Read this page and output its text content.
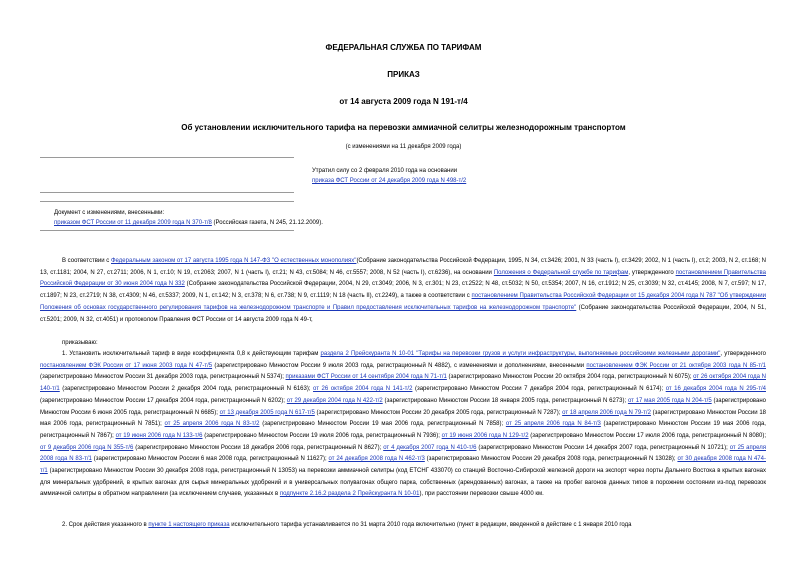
ФЕДЕРАЛЬНАЯ СЛУЖБА ПО ТАРИФАМ
ПРИКАЗ
от 14 августа 2009 года N 191-т/4
Об установлении исключительного тарифа на перевозки аммиачной селитры железнодорожным транспортом
(с изменениями на 11 декабря 2009 года)
Утратил силу со 2 февраля 2010 года на основании
приказа ФСТ России от 24 декабря 2009 года N 498-т/2
Документ с изменениями, внесенными:
приказом ФСТ России от 11 декабря 2009 года N 370-т/8 (Российская газета, N 245, 21.12.2009).
В соответствии с Федеральным законом от 17 августа 1995 года N 147-ФЗ "О естественных монополиях"(Собрание законодательства Российской Федерации, 1995, N 34, ст.3426; 2001, N 33 (часть I), ст.3429; 2002, N 1 (часть I), ст.2; 2003, N 2, ст.168; N 13, ст.1181; 2004, N 27, ст.2711; 2006, N 1, ст.10; N 19, ст.2063; 2007, N 1 (часть I), ст.21; N 43, ст.5084; N 46, ст.5557; 2008, N 52 (часть I), ст.6236), на основании Положения о Федеральной службе по тарифам, утвержденного постановлением Правительства Российской Федерации от 30 июня 2004 года N 332 (Собрание законодательства Российской Федерации, 2004, N 29, ст.3049; 2006, N 3, ст.301; N 23, ст.2522; N 48, ст.5032; N 50, ст.5354; 2007, N 16, ст.1912; N 25, ст.3039; N 32, ст.4145; 2008, N 7, ст.597; N 17, ст.1897; N 23, ст.2719; N 38, ст.4309; N 46, ст.5337; 2009, N 1, ст.142; N 3, ст.378; N 6, ст.738; N 9, ст.1119; N 18 (часть II), ст.2249), а также в соответствии с постановлением Правительства Российской Федерации от 15 декабря 2004 года N 787 "Об утверждении Положения об основах государственного регулирования тарифов на железнодорожном транспорте и Правил предоставления исключительных тарифов на железнодорожном транспорте" (Собрание законодательства Российской Федерации, 2004, N 51, ст.5201; 2009, N 32, ст.4051) и протоколом Правления ФСТ России от 14 августа 2009 года N 49-т,
приказываю:
1. Установить исключительный тариф в виде коэффициента 0,8 к действующим тарифам раздела 2 Прейскуранта N 10-01 "Тарифы на перевозки грузов и услуги инфраструктуры, выполняемые российскими железными дорогами", утвержденного постановлением ФЭК России от 17 июня 2003 года N 47-т/5 (зарегистрировано Минюстом России 9 июля 2003 года, регистрационный N 4882), с изменениями и дополнениями, внесенными постановлением ФЭК России от 21 октября 2003 года N 85-т/1 (зарегистрировано Минюстом России 31 декабря 2003 года, регистрационный N 5374); приказами ФСТ России от 14 сентября 2004 года N 71-т/1 (зарегистрировано Минюстом России 20 октября 2004 года, регистрационный N 6075); от 26 октября 2004 года N 140-т/1 (зарегистрировано Минюстом России 2 декабря 2004 года, регистрационный N 6163); от 26 октября 2004 года N 141-т/2 (зарегистрировано Минюстом России 7 декабря 2004 года, регистрационный N 6174); от 16 декабря 2004 года N 295-т/4 (зарегистрировано Минюстом России 17 декабря 2004 года, регистрационный N 6202); от 29 декабря 2004 года N 422-т/2 (зарегистрировано Минюстом России 18 января 2005 года, регистрационный N 6273); от 17 мая 2005 года N 204-т/5 (зарегистрировано Минюстом России 6 июня 2005 года, регистрационный N 6685); от 13 декабря 2005 года N 617-т/5 (зарегистрировано Минюстом России 20 декабря 2005 года, регистрационный N 7287); от 18 апреля 2006 года N 79-т/2 (зарегистрировано Минюстом России 18 мая 2006 года, регистрационный N 7851); от 25 апреля 2006 года N 83-т/2 (зарегистрировано Минюстом России 19 мая 2006 года, регистрационный N 7858); от 25 апреля 2006 года N 84-т/3 (зарегистрировано Минюстом России 19 мая 2006 года, регистрационный N 7867); от 19 июня 2006 года N 133-т/6 (зарегистрировано Минюстом России 19 июля 2006 года, регистрационный N 7936); от 19 июня 2006 года N 129-т/2 (зарегистрировано Минюстом России 17 июля 2006 года, регистрационный N 8080); от 9 декабря 2006 года N 355-т/6 (зарегистрировано Минюстом России 18 декабря 2006 года, регистрационный N 8627); от 4 декабря 2007 года N 410-т/6 (зарегистрировано Минюстом России 14 декабря 2007 года, регистрационный N 10721); от 25 апреля 2008 года N 83-т/1 (зарегистрировано Минюстом России 6 мая 2008 года, регистрационный N 11627); от 24 декабря 2008 года N 462-т/3 (зарегистрировано Минюстом России 29 декабря 2008 года, регистрационный N 13028); от 30 декабря 2008 года N 474-т/1 (зарегистрировано Минюстом России 30 декабря 2008 года, регистрационный N 13053) на перевозки аммиачной селитры (код ЕТСНГ 433070) со станций Восточно-Сибирской железной дороги на экспорт через порты Дальнего Востока в крытых вагонах для минеральных удобрений, в крытых вагонах для сырья минеральных удобрений и в универсальных полувагонах общего парка, собственных (арендованных) вагонах, а также на пробег вагонов данных типов в порожнем состоянии из-под перевозок аммиачной селитры в обратном направлении (за исключением случаев, указанных в подпункте 2.16.2 раздела 2 Прейскуранта N 10-01), при расстоянии перевозки свыше 4000 км.
2. Срок действия указанного в пункте 1 настоящего приказа исключительного тарифа устанавливается по 31 марта 2010 года включительно (пункт в редакции, введенной в действие с 1 января 2010 года
